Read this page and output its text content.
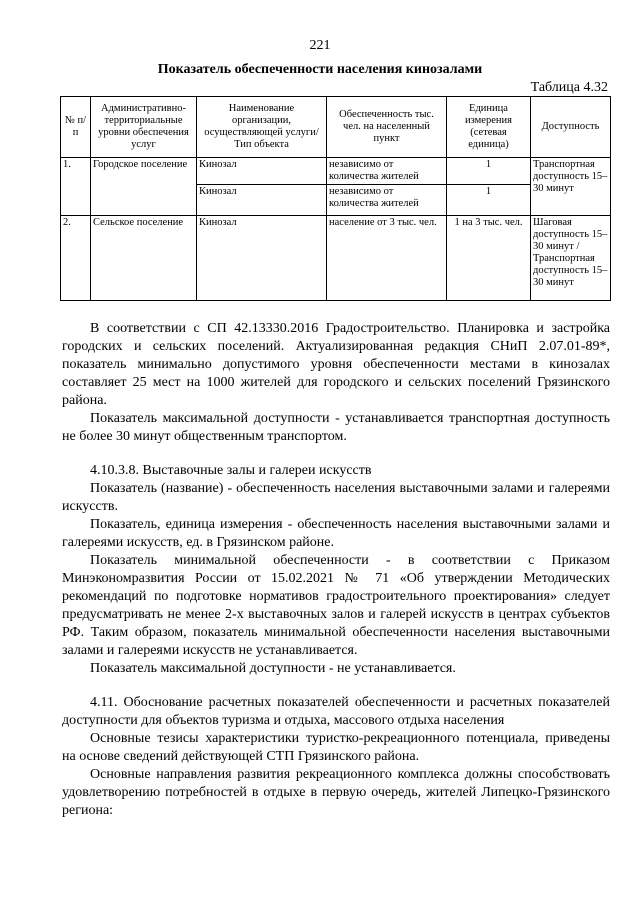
221
Показатель обеспеченности населения кинозалами
Таблица 4.32
№ п/п	Административно-территориальные уровни обеспечения услуг	Наименование организации, осуществляющей услуги/Тип объекта	Обеспеченность тыс. чел. на населенный пункт	Единица измерения (сетевая единица)	Доступность
1.	Городское поселение	Кинозал	независимо от количества жителей	1	Транспортная доступность 15–30 минут
		Кинозал	независимо от количества жителей	1	
2.	Сельское поселение	Кинозал	население от 3 тыс. чел.	1 на 3 тыс. чел.	Шаговая доступность 15–30 минут / Транспортная доступность 15–30 минут

В соответствии с СП 42.13330.2016 Градостроительство. Планировка и застройка городских и сельских поселений. Актуализированная редакция СНиП 2.07.01-89*, показатель минимально допустимого уровня обеспеченности местами в кинозалах составляет 25 мест на 1000 жителей для городского и сельских поселений Грязинского района.

Показатель максимальной доступности - устанавливается транспортная доступность не более 30 минут общественным транспортом.

4.10.3.8. Выставочные залы и галереи искусств

Показатель (название) - обеспеченность населения выставочными залами и галереями искусств.

Показатель, единица измерения - обеспеченность населения выставочными залами и галереями искусств, ед. в Грязинском районе.

Показатель минимальной обеспеченности - в соответствии с Приказом Минэкономразвития России от 15.02.2021 № 71 «Об утверждении Методических рекомендаций по подготовке нормативов градостроительного проектирования» следует предусматривать не менее 2-х выставочных залов и галерей искусств в центрах субъектов РФ. Таким образом, показатель минимальной обеспеченности населения выставочными залами и галереями искусств не устанавливается.

Показатель максимальной доступности - не устанавливается.

4.11. Обоснование расчетных показателей обеспеченности и расчетных показателей доступности для объектов туризма и отдыха, массового отдыха населения

Основные тезисы характеристики туристко-рекреационного потенциала, приведены на основе сведений действующей СТП Грязинского района.

Основные направления развития рекреационного комплекса должны способствовать удовлетворению потребностей в отдыхе в первую очередь, жителей Липецко-Грязинского региона:
